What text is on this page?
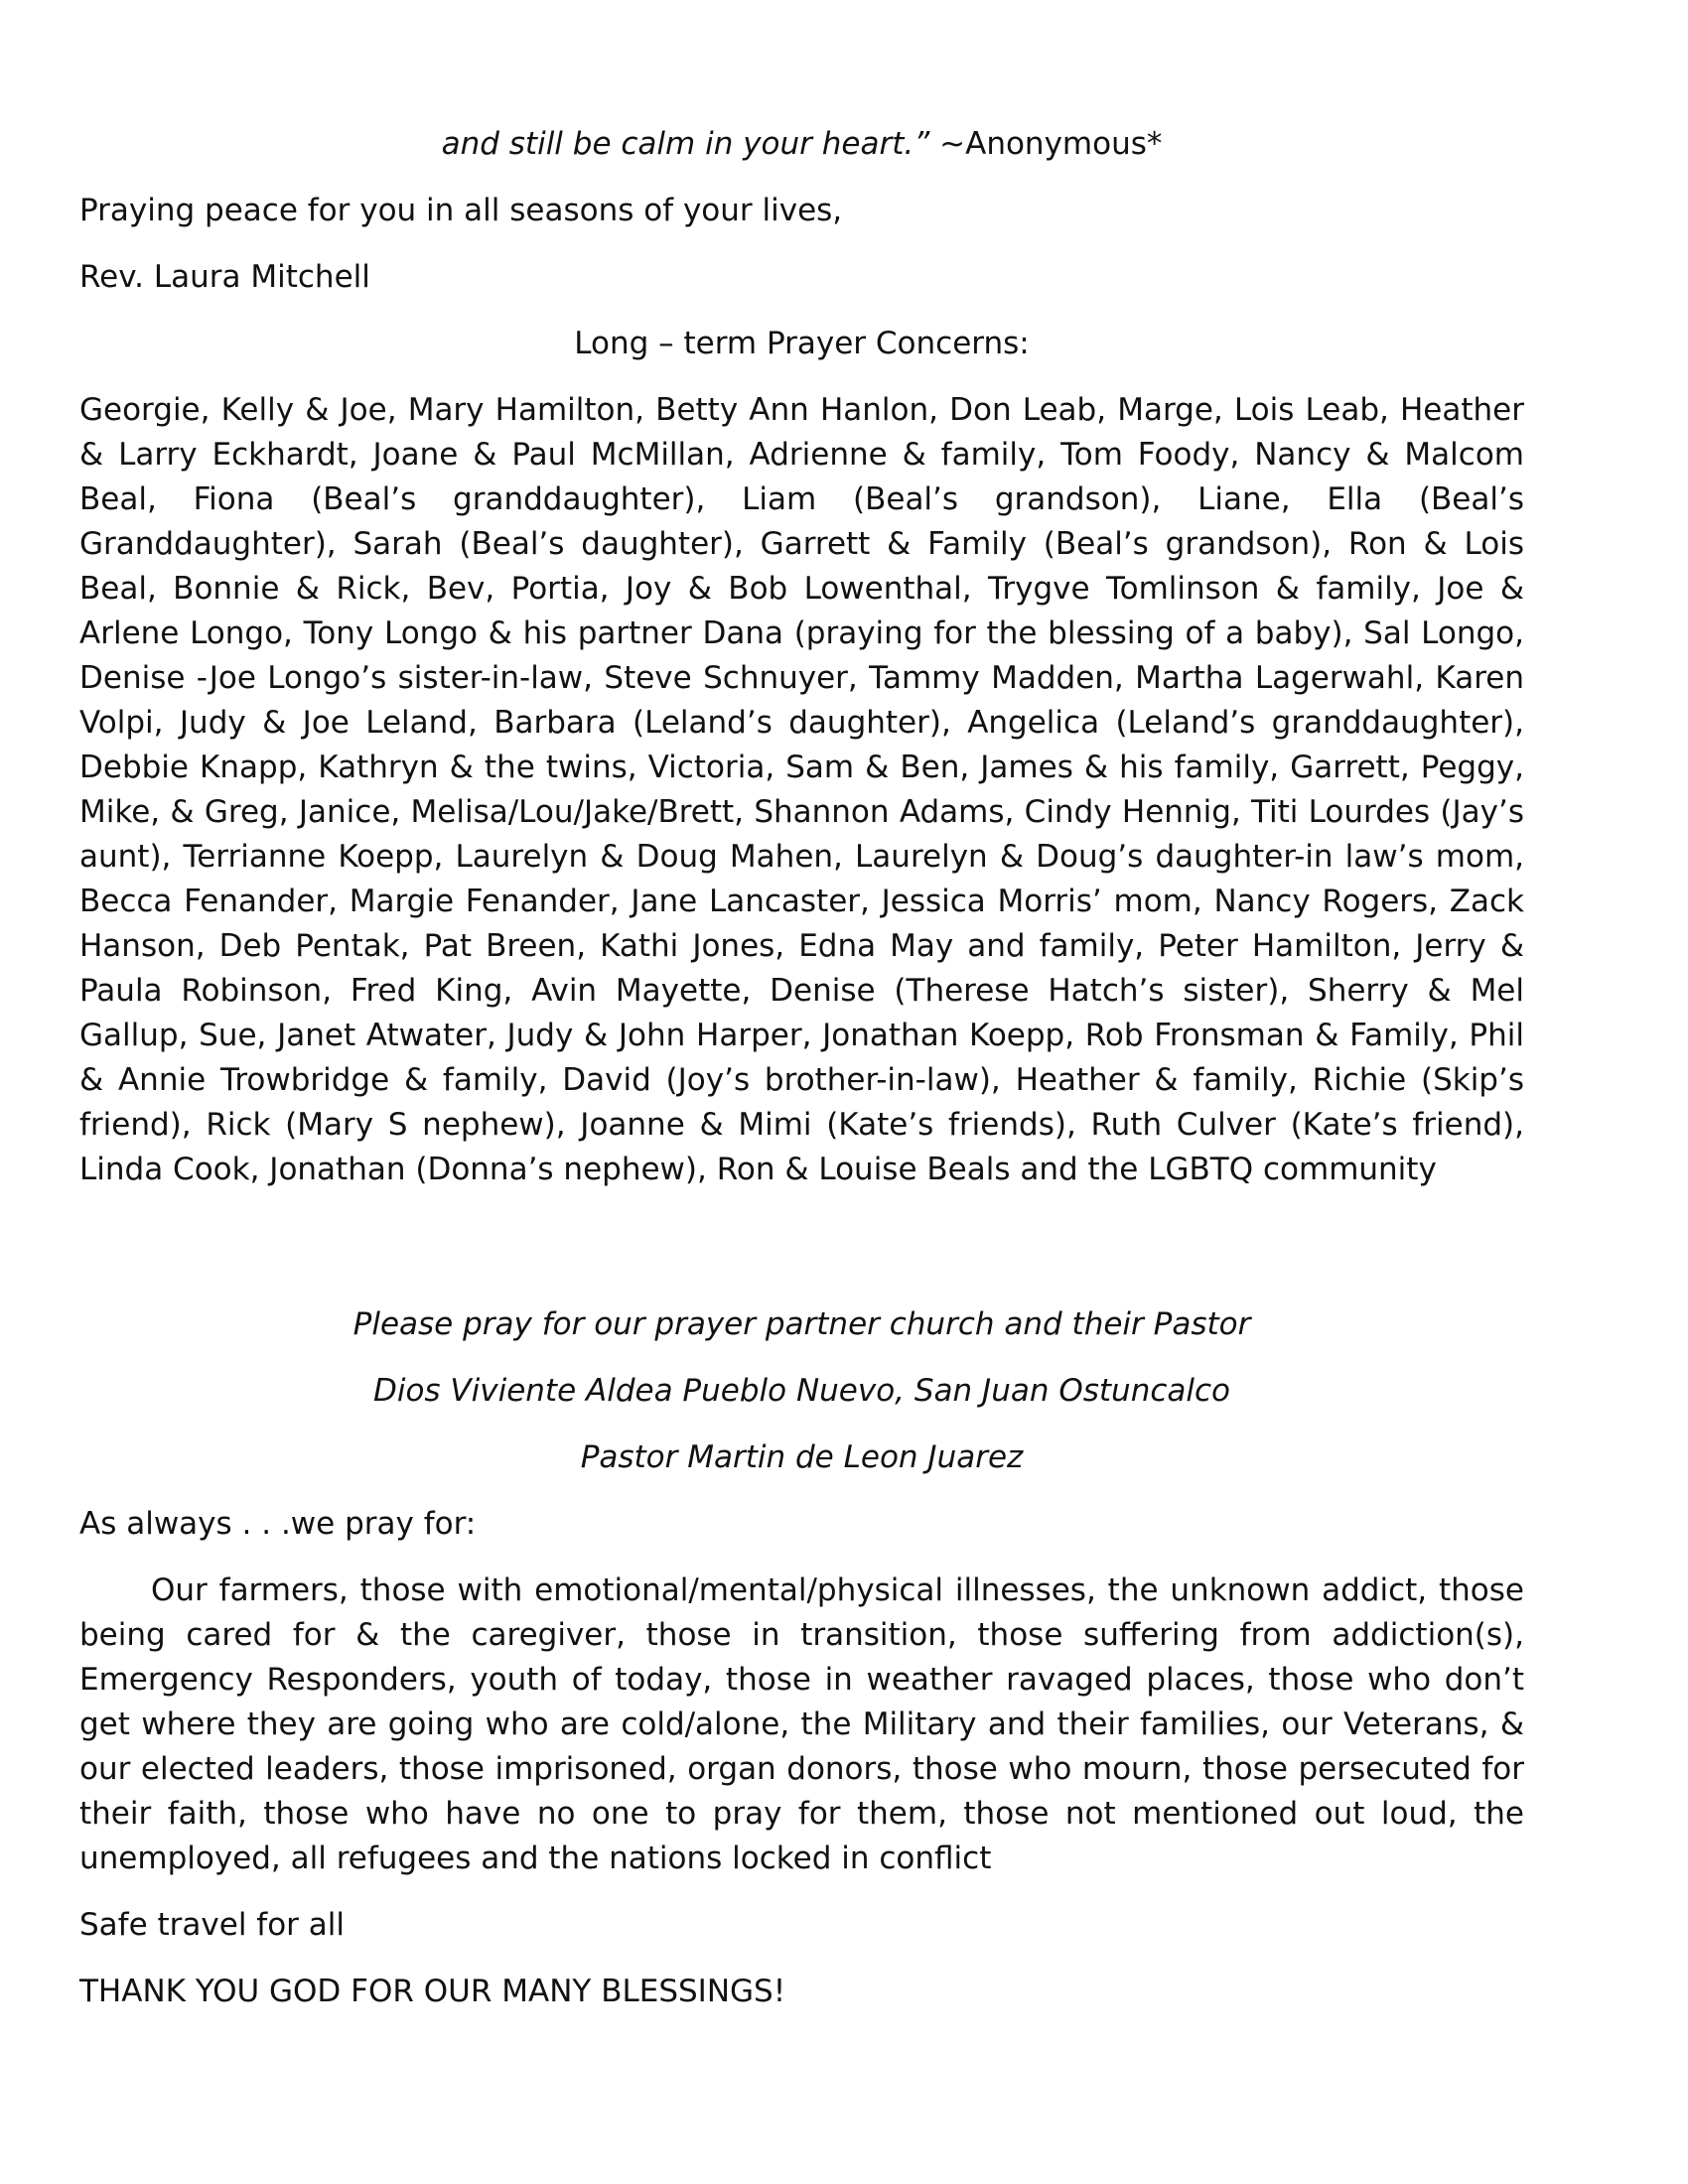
and still be calm in your heart.” ~Anonymous*

Praying peace for you in all seasons of your lives,

Rev. Laura Mitchell

Long – term Prayer Concerns:

Georgie, Kelly & Joe, Mary Hamilton, Betty Ann Hanlon, Don Leab, Marge, Lois Leab, Heather & Larry Eckhardt, Joane & Paul McMillan, Adrienne & family, Tom Foody, Nancy & Malcom Beal, Fiona (Beal’s granddaughter), Liam (Beal’s grandson), Liane, Ella (Beal’s Granddaughter), Sarah (Beal’s daughter), Garrett & Family (Beal’s grandson), Ron & Lois Beal, Bonnie & Rick, Bev, Portia, Joy & Bob Lowenthal, Trygve Tomlinson & family, Joe & Arlene Longo, Tony Longo & his partner Dana (praying for the blessing of a baby), Sal Longo, Denise -Joe Longo’s sister-in-law, Steve Schnuyer, Tammy Madden, Martha Lagerwahl, Karen Volpi, Judy & Joe Leland, Barbara (Leland’s daughter), Angelica (Leland’s granddaughter), Debbie Knapp, Kathryn & the twins, Victoria, Sam & Ben, James & his family, Garrett, Peggy, Mike, & Greg, Janice, Melisa/Lou/Jake/Brett, Shannon Adams, Cindy Hennig, Titi Lourdes (Jay’s aunt), Terrianne Koepp, Laurelyn & Doug Mahen, Laurelyn & Doug’s daughter-in law’s mom, Becca Fenander, Margie Fenander, Jane Lancaster, Jessica Morris’ mom, Nancy Rogers, Zack Hanson, Deb Pentak, Pat Breen, Kathi Jones, Edna May and family, Peter Hamilton, Jerry & Paula Robinson, Fred King, Avin Mayette, Denise (Therese Hatch’s sister), Sherry & Mel Gallup, Sue, Janet Atwater, Judy & John Harper, Jonathan Koepp, Rob Fronsman & Family, Phil & Annie Trowbridge & family, David (Joy’s brother-in-law), Heather & family, Richie (Skip’s friend), Rick (Mary S nephew), Joanne & Mimi (Kate’s friends), Ruth Culver (Kate’s friend), Linda Cook, Jonathan (Donna’s nephew), Ron & Louise Beals and the LGBTQ community

Please pray for our prayer partner church and their Pastor

Dios Viviente Aldea Pueblo Nuevo, San Juan Ostuncalco

Pastor Martin de Leon Juarez

As always . . .we pray for:

Our farmers, those with emotional/mental/physical illnesses, the unknown addict, those being cared for & the caregiver, those in transition, those suffering from addiction(s), Emergency Responders, youth of today, those in weather ravaged places, those who don’t get where they are going who are cold/alone, the Military and their families, our Veterans, & our elected leaders, those imprisoned, organ donors, those who mourn, those persecuted for their faith, those who have no one to pray for them, those not mentioned out loud, the unemployed, all refugees and the nations locked in conflict

Safe travel for all

THANK YOU GOD FOR OUR MANY BLESSINGS!
